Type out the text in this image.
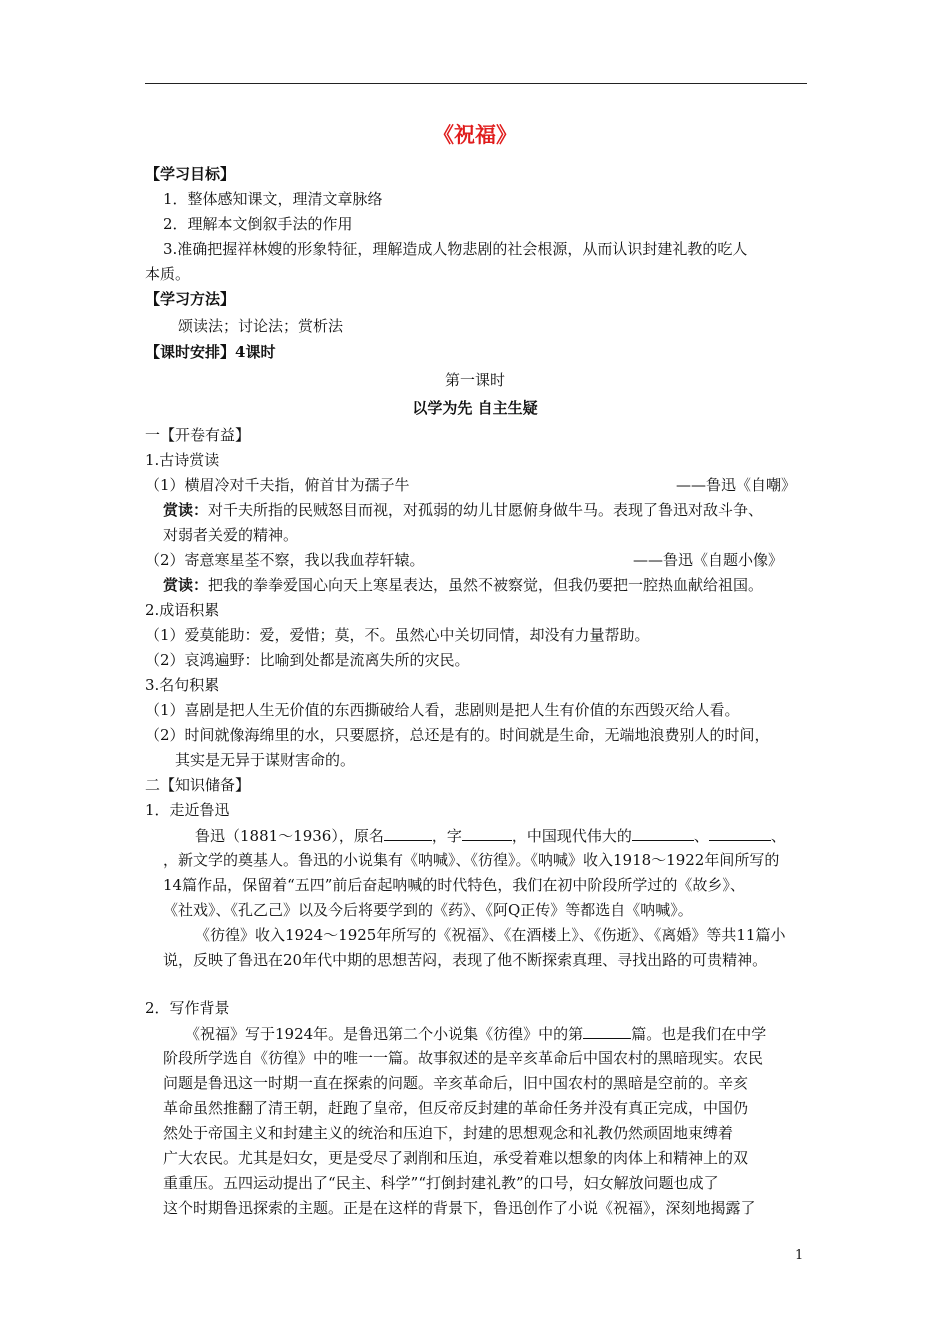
《祝福》
【学习目标】
1．整体感知课文，理清文章脉络
2．理解本文倒叙手法的作用
3.准确把握祥林嫂的形象特征，理解造成人物悲剧的社会根源，从而认识封建礼教的吃人
本质。
【学习方法】
颂读法；讨论法；赏析法
【课时安排】4课时
第一课时
以学为先 自主生疑
一【开卷有益】
1.古诗赏读
（1）横眉冷对千夫指，俯首甘为孺子牛	——鲁迅《自嘲》
赏读：对千夫所指的民贼怒目而视，对孤弱的幼儿甘愿俯身做牛马。表现了鲁迅对敌斗争、
对弱者关爱的精神。
（2）寄意寒星荃不察，我以我血荐轩辕。	——鲁迅《自题小像》
赏读：把我的拳拳爱国心向天上寒星表达，虽然不被察觉，但我仍要把一腔热血献给祖国。
2.成语积累
（1）爱莫能助：爱，爱惜；莫，不。虽然心中关切同情，却没有力量帮助。
（2）哀鸿遍野：比喻到处都是流离失所的灾民。
3.名句积累
（1）喜剧是把人生无价值的东西撕破给人看，悲剧则是把人生有价值的东西毁灭给人看。
（2）时间就像海绵里的水，只要愿挤，总还是有的。时间就是生命，无端地浪费别人的时间，
其实是无异于谋财害命的。
二【知识储备】
1．走近鲁迅
鲁迅（1881～1936），原名	，字	，中国现代伟大的	、	、
，新文学的奠基人。鲁迅的小说集有《呐喊》、《彷徨》。《呐喊》收入1918～1922年间所写的
14篇作品，保留着“五四”前后奋起呐喊的时代特色，我们在初中阶段所学过的《故乡》、
《社戏》、《孔乙己》以及今后将要学到的《药》、《阿Q正传》等都选自《呐喊》。
《彷徨》收入1924～1925年所写的《祝福》、《在酒楼上》、《伤逝》、《离婚》等共11篇小
说，反映了鲁迅在20年代中期的思想苦闷，表现了他不断探索真理、寻找出路的可贵精神。
2．写作背景
《祝福》写于1924年。是鲁迅第二个小说集《彷徨》中的第	篇。也是我们在中学
阶段所学选自《彷徨》中的唯一一篇。故事叙述的是辛亥革命后中国农村的黑暗现实。农民
问题是鲁迅这一时期一直在探索的问题。辛亥革命后，旧中国农村的黑暗是空前的。辛亥
革命虽然推翻了清王朝，赶跑了皇帝，但反帝反封建的革命任务并没有真正完成，中国仍
然处于帝国主义和封建主义的统治和压迫下，封建的思想观念和礼教仍然顽固地束缚着
广大农民。尤其是妇女，更是受尽了剥削和压迫，承受着难以想象的肉体上和精神上的双
重重压。五四运动提出了“民主、科学”“打倒封建礼教”的口号，妇女解放问题也成了
这个时期鲁迅探索的主题。正是在这样的背景下，鲁迅创作了小说《祝福》，深刻地揭露了
1
